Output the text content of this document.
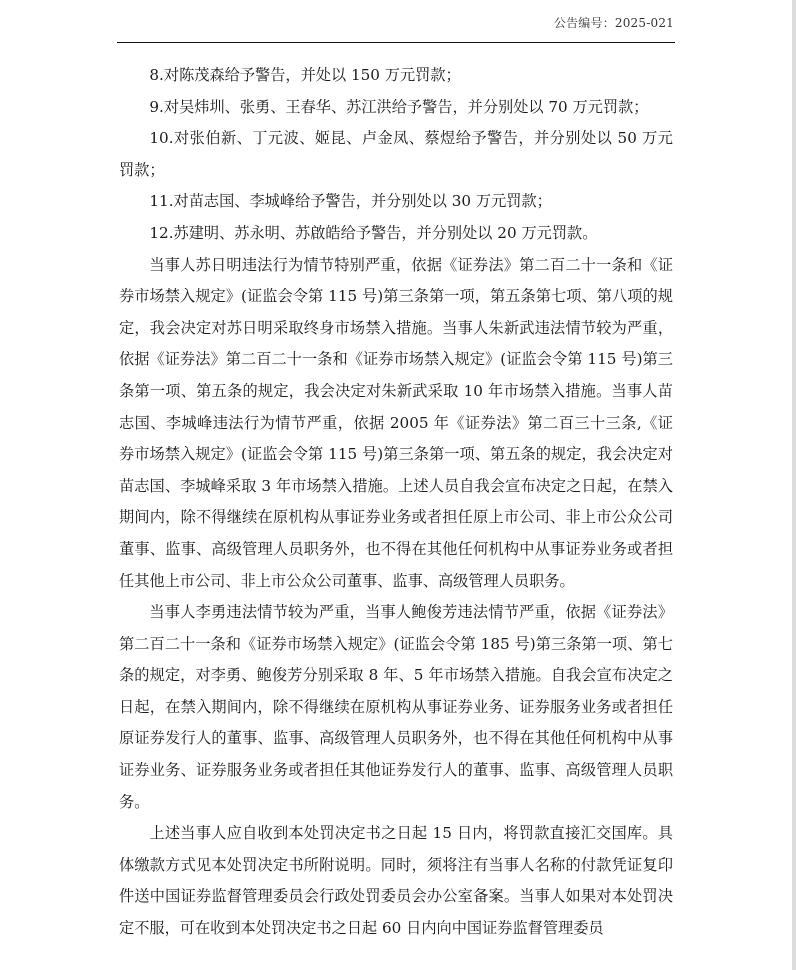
公告编号：2025-021

8.对陈茂森给予警告，并处以 150 万元罚款；

9.对吴炜圳、张勇、王春华、苏江洪给予警告，并分别处以 70 万元罚款；

10.对张伯新、丁元波、姬昆、卢金凤、蔡煜给予警告，并分别处以 50 万元罚款；

11.对苗志国、李城峰给予警告，并分别处以 30 万元罚款；

12.苏建明、苏永明、苏啟皓给予警告，并分别处以 20 万元罚款。

当事人苏日明违法行为情节特别严重，依据《证券法》第二百二十一条和《证券市场禁入规定》(证监会令第 115 号)第三条第一项，第五条第七项、第八项的规定，我会决定对苏日明采取终身市场禁入措施。当事人朱新武违法情节较为严重，依据《证券法》第二百二十一条和《证券市场禁入规定》(证监会令第 115 号)第三条第一项、第五条的规定，我会决定对朱新武采取 10 年市场禁入措施。当事人苗志国、李城峰违法行为情节严重，依据 2005 年《证券法》第二百三十三条,《证券市场禁入规定》(证监会令第 115 号)第三条第一项、第五条的规定，我会决定对苗志国、李城峰采取 3 年市场禁入措施。上述人员自我会宣布决定之日起，在禁入期间内，除不得继续在原机构从事证券业务或者担任原上市公司、非上市公众公司董事、监事、高级管理人员职务外，也不得在其他任何机构中从事证券业务或者担任其他上市公司、非上市公众公司董事、监事、高级管理人员职务。

当事人李勇违法情节较为严重，当事人鲍俊芳违法情节严重，依据《证券法》第二百二十一条和《证券市场禁入规定》(证监会令第 185 号)第三条第一项、第七条的规定，对李勇、鲍俊芳分别采取 8 年、5 年市场禁入措施。自我会宣布决定之日起，在禁入期间内，除不得继续在原机构从事证券业务、证券服务业务或者担任原证券发行人的董事、监事、高级管理人员职务外，也不得在其他任何机构中从事证券业务、证券服务业务或者担任其他证券发行人的董事、监事、高级管理人员职务。

上述当事人应自收到本处罚决定书之日起 15 日内，将罚款直接汇交国库。具体缴款方式见本处罚决定书所附说明。同时，须将注有当事人名称的付款凭证复印件送中国证券监督管理委员会行政处罚委员会办公室备案。当事人如果对本处罚决定不服，可在收到本处罚决定书之日起 60 日内向中国证券监督管理委员
